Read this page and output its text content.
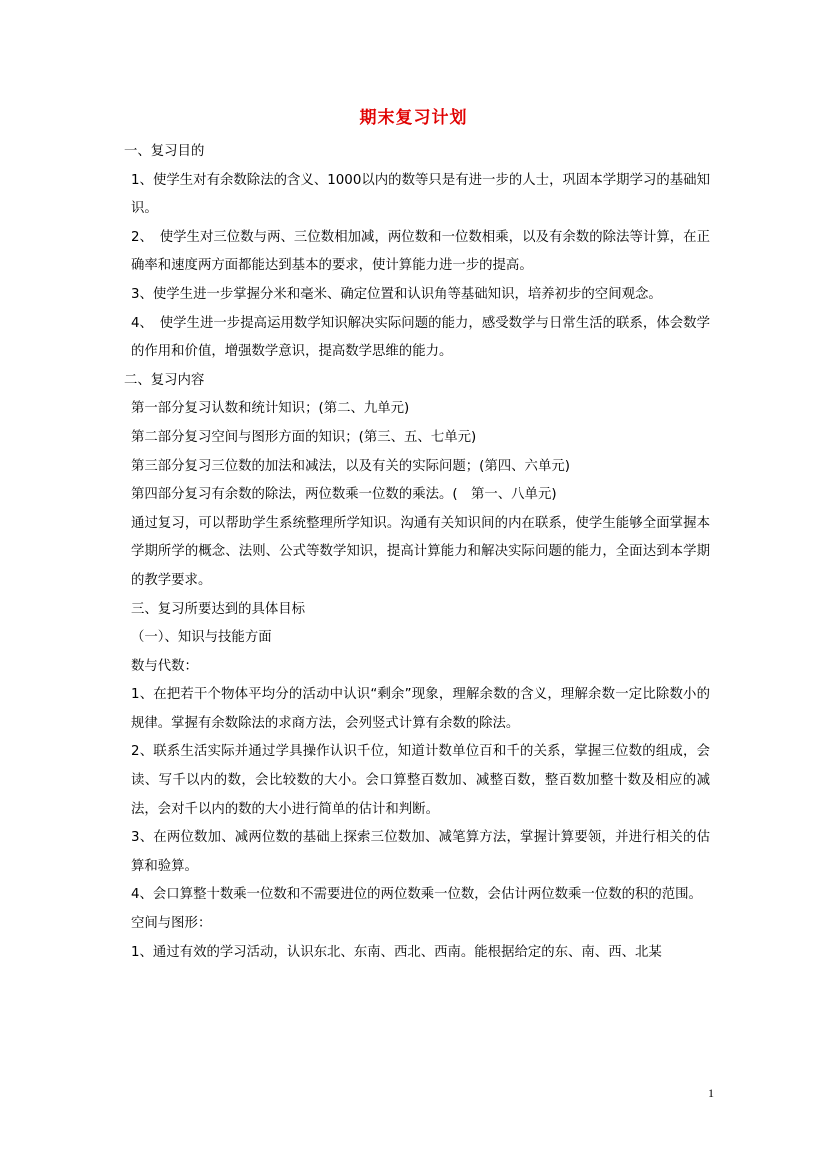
期末复习计划

一、复习目的

1、使学生对有余数除法的含义、1000以内的数等只是有进一步的人士，巩固本学期学习的基础知识。

2、　使学生对三位数与两、三位数相加减，两位数和一位数相乘，以及有余数的除法等计算，在正确率和速度两方面都能达到基本的要求，使计算能力进一步的提高。

3、使学生进一步掌握分米和毫米、确定位置和认识角等基础知识，培养初步的空间观念。

4、　使学生进一步提高运用数学知识解决实际问题的能力，感受数学与日常生活的联系，体会数学的作用和价值，增强数学意识，提高数学思维的能力。

二、复习内容

第一部分复习认数和统计知识；(第二、九单元)

第二部分复习空间与图形方面的知识；(第三、五、七单元)

第三部分复习三位数的加法和减法，以及有关的实际问题；(第四、六单元)

第四部分复习有余数的除法，两位数乘一位数的乘法。(　第一、八单元)

通过复习，可以帮助学生系统整理所学知识。沟通有关知识间的内在联系，使学生能够全面掌握本学期所学的概念、法则、公式等数学知识，提高计算能力和解决实际问题的能力，全面达到本学期的教学要求。

三、复习所要达到的具体目标

（一）、知识与技能方面

数与代数：

1、在把若干个物体平均分的活动中认识“剩余”现象，理解余数的含义，理解余数一定比除数小的规律。掌握有余数除法的求商方法，会列竖式计算有余数的除法。

2、联系生活实际并通过学具操作认识千位，知道计数单位百和千的关系，掌握三位数的组成，会读、写千以内的数，会比较数的大小。会口算整百数加、减整百数，整百数加整十数及相应的减法，会对千以内的数的大小进行简单的估计和判断。

3、在两位数加、减两位数的基础上探索三位数加、减笔算方法，掌握计算要领，并进行相关的估算和验算。

4、会口算整十数乘一位数和不需要进位的两位数乘一位数，会估计两位数乘一位数的积的范围。

空间与图形：

1、通过有效的学习活动，认识东北、东南、西北、西南。能根据给定的东、南、西、北某

1
